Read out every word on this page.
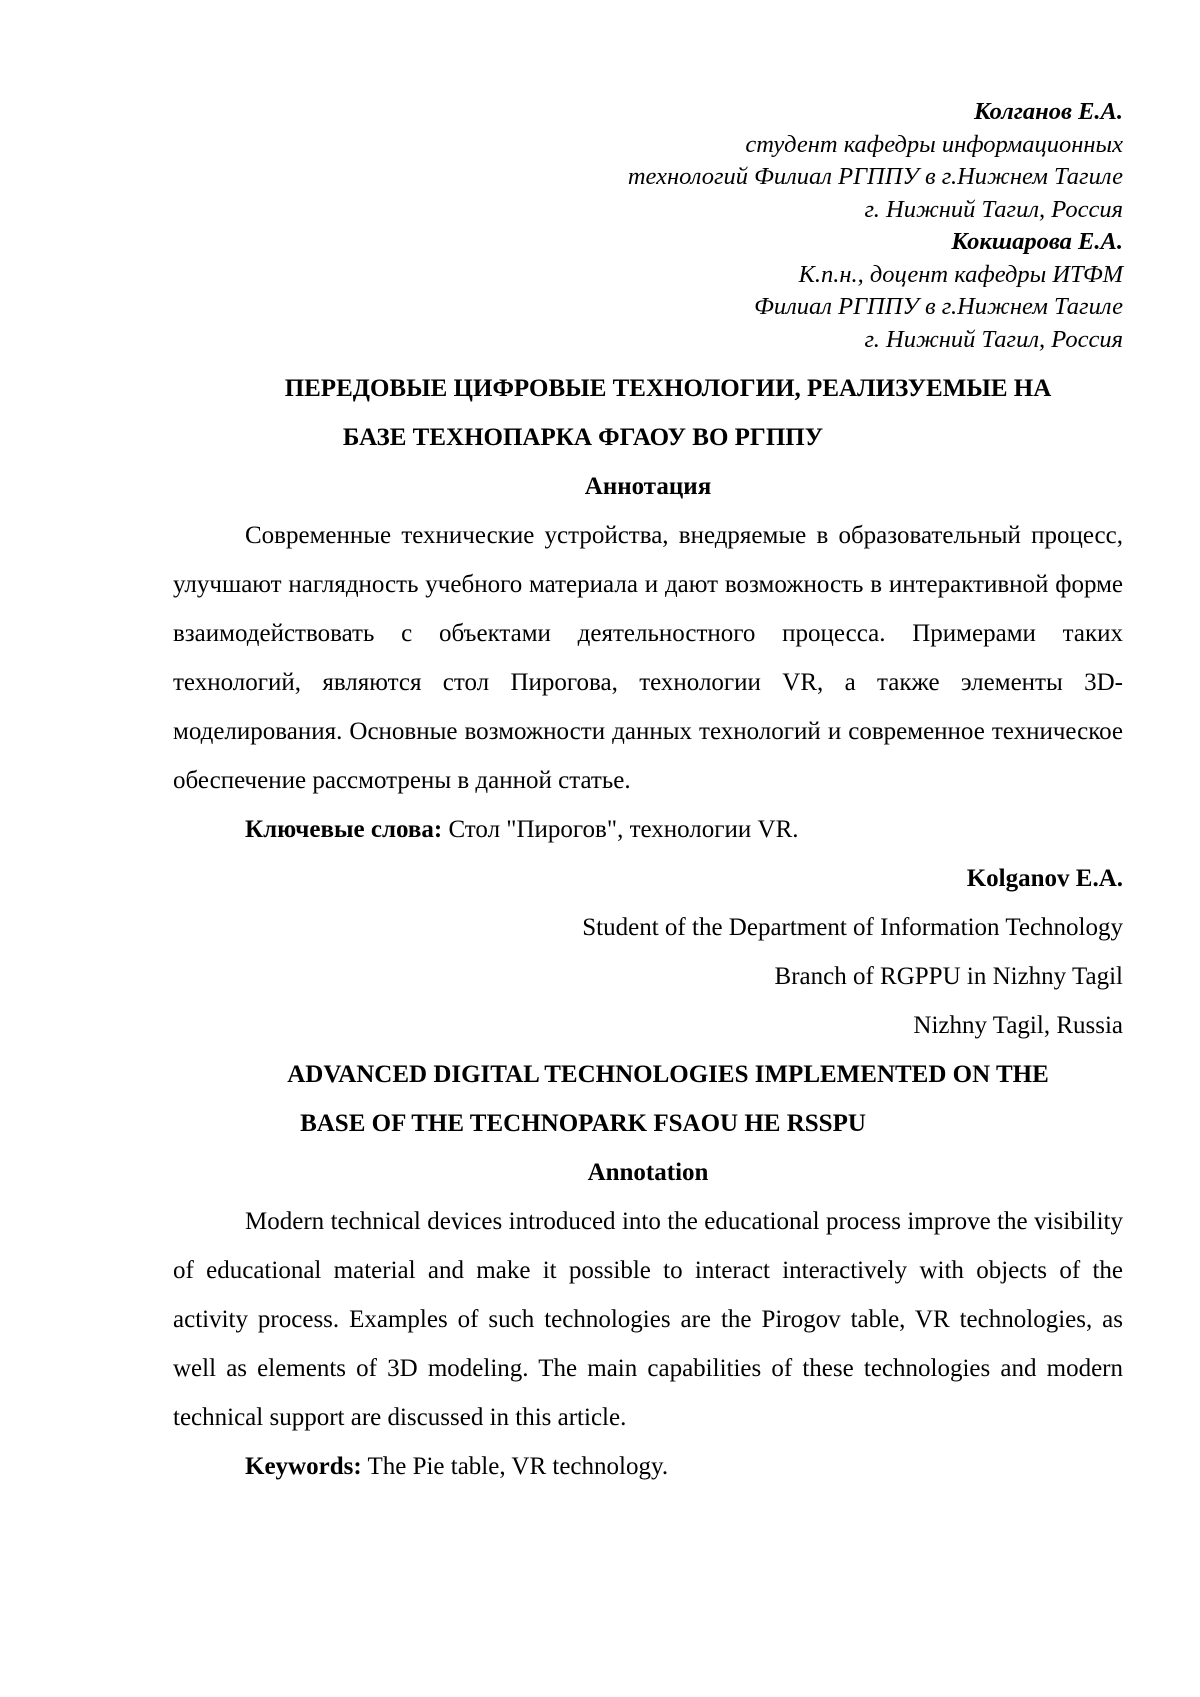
Колганов Е.А.
студент кафедры информационных
технологий Филиал РГППУ в г.Нижнем Тагиле
г. Нижний Тагил, Россия
Кокшарова Е.А.
К.п.н., доцент кафедры ИТФМ
Филиал РГППУ в г.Нижнем Тагиле
г. Нижний Тагил, Россия
ПЕРЕДОВЫЕ ЦИФРОВЫЕ ТЕХНОЛОГИИ, РЕАЛИЗУЕМЫЕ НА
БАЗЕ ТЕХНОПАРКА ФГАОУ ВО РГППУ
Аннотация

Современные технические устройства, внедряемые в образовательный процесс, улучшают наглядность учебного материала и дают возможность в интерактивной форме взаимодействовать с объектами деятельностного процесса. Примерами таких технологий, являются стол Пирогова, технологии VR, а также элементы 3D-моделирования. Основные возможности данных технологий и современное техническое обеспечение рассмотрены в данной статье.

Ключевые слова: Стол "Пирогов", технологии VR.

Kolganov E.A.
Student of the Department of Information Technology
Branch of RGPPU in Nizhny Tagil
Nizhny Tagil, Russia
ADVANCED DIGITAL TECHNOLOGIES IMPLEMENTED ON THE
BASE OF THE TECHNOPARK FSAOU HE RSSPU
Annotation

Modern technical devices introduced into the educational process improve the visibility of educational material and make it possible to interact interactively with objects of the activity process. Examples of such technologies are the Pirogov table, VR technologies, as well as elements of 3D modeling. The main capabilities of these technologies and modern technical support are discussed in this article.

Keywords: The Pie table, VR technology.
